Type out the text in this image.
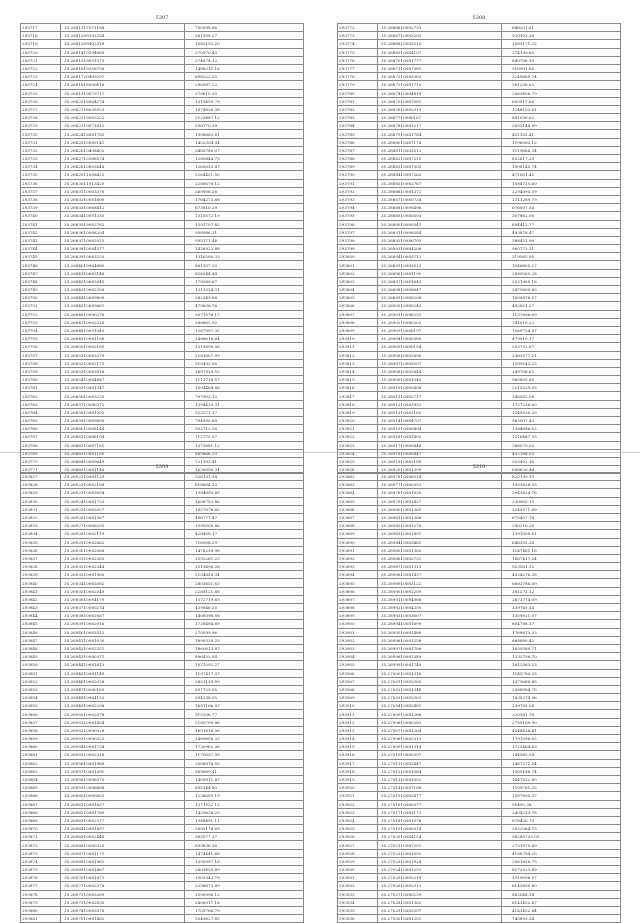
5307
293717	35.2681117071188	700598.86
293718	35.2681209292354	261939.27
293719	35.2681309402318	1080192.20
293720	35.2681410104685	270970.43
293721	35.2681519051373	274878.12
293722	35.2681619358758	1488211.16
293723	35.2681720409297	898222.25
293724	35.2681818500616	296997.22
293725	35.2681919079717	379610.20
293726	35.2682018084274	1319459.79
293727	35.2682118035923	1874826.38
293728	35.2682219083222	2123467.12
293729	35.2682319071812	598770.39
293730	35.2682418081783	1998663.61
293731	35.2682519089141	1452304.94
293732	35.2682610408402	3485780.07
293733	35.2682710388574	1289844.73
293734	35.2682810803646	1265035.47
293735	35.2682911038425	2264451.50
293736	35.2683011013420	2286678.12
293737	35.2683110083376	269906.26
293738	35.2683210081609	1764273.88
293739	35.2683310068412	873810.29
293740	35.2683410091335	1315572.19
293741	35.2683519082762	1391707.82
293742	35.2683610088204	958986.31
293743	35.2683710082575	595177.46
293744	35.2683810084277	1426922.88
293745	35.2683910083225	1316280.33
293746	35.2684010084880	861557.20
293747	35.2684110085148	626544.84
293748	35.2684210085945	179389.67
293749	35.2684310082358	1211324.31
293750	35.2684410089809	282349.88
293751	35.2684510089861	479636.76
293752	35.2684610080276	2071576.17
293753	35.2684710082216	286662.92
293754	35.2684810091040	1287997.35
293755	35.2684910081186	1486616.64
293756	35.2685010082189	1319699.56
293757	35.2685110083379	2181607.99
293758	35.2685210082171	919493.56
293759	35.2685310083918	1697920.52
293760	35.2685410084887	1113739.57
293761	35.2685510081347	1094464.86
293762	35.2685610083225	797903.12
293763	35.2685710080272	1394420.31
293764	35.2685810081092	523271.27
293765	35.2685910089600	794590.69
293766	35.2686010088144	932712.28
293767	35.2686110086104	712775.97
293768	35.2686210087181	1373681.12
293769	35.2686310081180	669866.29
293770	35.2686410089649	721993.41
293771	35.2686510081148	1656990.34
5308
293772	35.2686610082733	648201.61
293773	35.2686710083203	920103.28
293774	35.2686810083510	1089171.22
293775	35.2686910084107	274190.60
293776	35.2687010081777	849706.19
293777	35.2687110087081	918991.66
293778	35.2687210083363	2249669.74
293779	35.2687310087710	381236.63
293780	35.2687410084818	2063406.79
293781	35.2687510087081	600517.68
293782	35.2687610082319	1248103.61
293783	35.2687710080167	881056.02
293784	35.2687810081217	2053144.99
293785	35.2687910081784	431155.41
293786	35.2688010087178	1196582.12
293787	35.2688110083512	1119886.34
293788	35.2688210087210	602617.20
293789	35.2688310087303	1598145.74
293790	35.2688410087263	471001.45
293791	35.2688510082767	1584725.80
293792	35.2688610081372	2294095.39
293793	35.2688710080734	1711289.79
293794	35.2688810089496	676057.54
293795	35.2688910080503	307862.08
293796	35.2689010089341	894412.77
293797	35.2689110088384	493878.47
293798	35.2689210086705	388451.98
293799	35.2689310084206	960773.11
293800	35.2689410083712	319565.95
293801	35.2689510083523	1046805.27
293802	35.2689610081190	2085565.28
293803	35.2689710081643	2031969.18
293804	35.2689810088647	2475809.83
293805	35.2689910085208	1000876.37
293806	35.2690010080243	482831.27
293807	35.2690110086231	1137696.69
293808	35.2690210080202	741018.23
293809	35.2690310080197	1069754.07
293810	35.2690410082085	479919.17
293811	35.2690510080154	253732.67
293812	35.2690610082690	2363577.21
293813	35.2690710082007	1189542.23
293814	35.2690810082644	349706.63
293815	35.2690910081340	965805.89
293816	35.2691010080408	2015325.05
293817	35.2691110082717	346082.08
293818	35.2691210083932	1727236.60
293819	35.2691310083162	1349530.29
293820	35.2691410084707	963007.43
293821	35.2691510080494	1384686.62
293822	35.2691610081402	1216487.53
293823	35.2691710080446	368079.03
293824	35.2691810080447	432188.03
293825	35.2691910083189	323402.16
293826	35.2692010081399	698626.44
5309
293827	35.2692110081129	326101.54
293828	35.2692210082188	818604.33
293829	35.2692310083054	1984695.85
293830	35.2692410081723	1606753.86
293831	35.2692510083057	1827576.60
293832	35.2692610081567	496777.47
293833	35.2692710086251	1995509.86
293834	35.2692810082119	428458.17
293835	35.2692910082662	716956.29
293836	35.2693010082068	1476259.98
293837	35.2693110082385	1552261.23
293838	35.2693210082344	1519496.26
293839	35.2693310081960	2154859.34
293840	35.2693410082082	2803651.63
293841	35.2693510082049	2285121.88
293842	35.2693610084179	1372719.69
293843	35.2693710080274	439846.25
293844	35.2693810082067	1408098.58
293845	35.2693910082916	1726494.89
293846	35.2694010083312	270599.96
293847	35.2694110081030	1899335.23
293848	35.2694210082351	1860613.87
293849	35.2694310080371	896452.54
293850	35.2694410081613	1071592.27
293851	35.2694510081149	1197417.37
293852	35.2694610082028	2823139.89
293853	35.2694710080165	897729.95
293854	35.2694810084152	594238.35
293855	35.2694910082208	1691166.97
293856	35.2695010082578	915336.77
293857	35.2695110081404	2185799.86
293858	35.2695210080026	1691616.56
293859	35.2695310080323	1489658.33
293860	35.2695410081724	1720962.36
293861	35.2695510082316	1170037.99
293862	35.2695610081968	2088876.55
293863	35.2695710081391	969669.41
293864	35.2695810088570	1409911.87
293865	35.2695910086468	895144.80
293866	35.2696010080803	1238009.19
293867	35.2696110081827	1371532.12
293868	35.2696210081780	1429828.29
293869	35.2696310082377	1988491.11
293870	35.2696410081897	2693176.69
293871	35.2696510082448	365577.37
293872	35.2696610080325	699836.36
293873	35.2696710081171	1474441.68
293874	35.2696810081862	1355997.16
293875	35.2696910081467	2809429.89
293876	35.2697010081871	1903342.79
293877	35.2697110082578	2396873.89
293878	35.2697210083269	1590996.12
293879	35.2697310082835	2806017.18
293880	35.2697410083578	1709766.79
293881	35.2697510081482	2049627.85
5310
293882	35.2697610088014	820199.19
293883	35.2697710082053	1951826.35
293884	35.2697810081930	2941824.76
293885	35.2697910081427	230905.15
293886	35.2698010081365	2245971.69
293887	35.2698110081366	670407.78
293888	35.2698210081276	290216.28
293889	35.2698310081891	1391008.81
293890	35.2698410083461	648395.26
293891	35.2698510081365	1147481.18
293892	35.2698610082731	1687417.24
293893	35.2698710081315	923581.12
293894	35.2698810081437	4524276.38
293895	35.2698910083122	6683786.09
293896	35.2699010082209	381272.12
293897	35.2699110084968	2873774.09
293898	35.2699210084330	339765.34
293899	35.2699310083607	1359921.07
293900	35.2699410081699	804788.17
293901	35.2699510081486	1768613.33
293902	35.2699610081256	668880.42
293903	35.2699710081706	1639389.71
293904	35.2699810082389	1232756.70
293905	35.2699910081749	1612563.23
293906	35.2700010081316	1145780.25
293907	35.2700110082360	1573666.68
293908	35.2700210081346	2368984.75
293909	35.2700310082363	1835274.96
293910	35.2700410082481	339795.04
293911	35.2700510081268	320581.76
293912	35.2700610080283	2759189.90
293913	35.2700710081264	4048436.41
293914	35.2700810082312	1791096.62
293915	35.2700910081314	1725464.63
293916	35.2701010082097	144565.54
293917	35.2701110082447	1467272.54
293918	35.2701210081584	1309188.74
293919	35.2701310081052	1847522.60
293920	35.2701410087168	1109761.33
293921	35.2701510082477	1597690.37
293922	35.2701610080377	90492.26
293923	35.2701710081172	2404213.76
293924	35.2701810081076	878426.70
293925	35.2701910080314	2032064.75
293926	35.2702010084154	96289725.05
293927	35.2702110087251	2731979.49
293928	35.2702210081092	4188794.25
293929	35.2702310081924	2561858.75
293930	35.2702410081253	6172523.89
293931	35.2702510082218	1319096.57
293932	35.2702610082312	6143899.60
293933	35.2702710080239	862048.18
293934	35.2702810081362	6141452.47
293935	35.2702910082397	4141452.64
293936	35.2703010081251	745893.34
